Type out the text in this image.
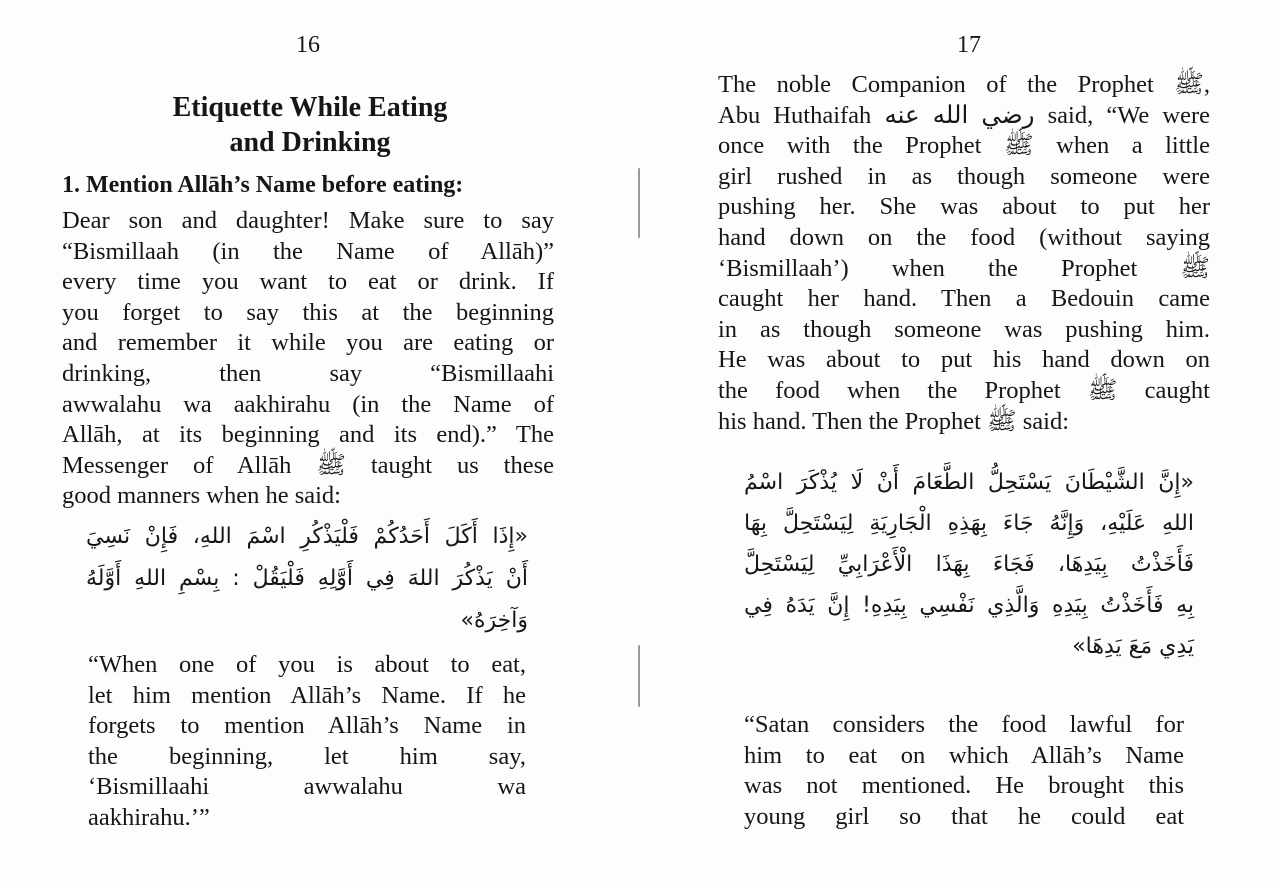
16
Etiquette While Eating
and Drinking
1. Mention Allāh’s Name before eating:
Dear son and daughter! Make sure to say
“Bismillaah (in the Name of Allāh)”
every time you want to eat or drink. If
you forget to say this at the beginning
and remember it while you are eating or
drinking, then say “Bismillaahi
awwalahu wa aakhirahu (in the Name of
Allāh, at its beginning and its end).” The
Messenger of Allāh ﷺ taught us these
good manners when he said:
«إِذَا أَكَلَ أَحَدُكُمْ فَلْيَذْكُرِ اسْمَ اللهِ، فَإِنْ نَسِيَ
أَنْ يَذْكُرَ اللهَ فِي أَوَّلِهِ فَلْيَقُلْ : بِسْمِ اللهِ أَوَّلَهُ
وَآخِرَهُ»
“When one of you is about to eat,
let him mention Allāh’s Name. If he
forgets to mention Allāh’s Name in
the beginning, let him say,
‘Bismillaahi awwalahu wa
aakhirahu.’”
17
The noble Companion of the Prophet ﷺ,
Abu Huthaifah رضي الله عنه said, “We were
once with the Prophet ﷺ when a little
girl rushed in as though someone were
pushing her. She was about to put her
hand down on the food (without saying
‘Bismillaah’) when the Prophet ﷺ
caught her hand. Then a Bedouin came
in as though someone was pushing him.
He was about to put his hand down on
the food when the Prophet ﷺ caught
his hand. Then the Prophet ﷺ said:
«إِنَّ الشَّيْطَانَ يَسْتَحِلُّ الطَّعَامَ أَنْ لَا يُذْكَرَ اسْمُ
اللهِ عَلَيْهِ، وَإِنَّهُ جَاءَ بِهَذِهِ الْجَارِيَةِ لِيَسْتَحِلَّ بِهَا
فَأَخَذْتُ بِيَدِهَا، فَجَاءَ بِهَذَا الْأَعْرَابِيِّ لِيَسْتَحِلَّ
بِهِ فَأَخَذْتُ بِيَدِهِ وَالَّذِي نَفْسِي بِيَدِهِ! إِنَّ يَدَهُ فِي
يَدِي مَعَ يَدِهَا»
“Satan considers the food lawful for
him to eat on which Allāh’s Name
was not mentioned. He brought this
young girl so that he could eat
